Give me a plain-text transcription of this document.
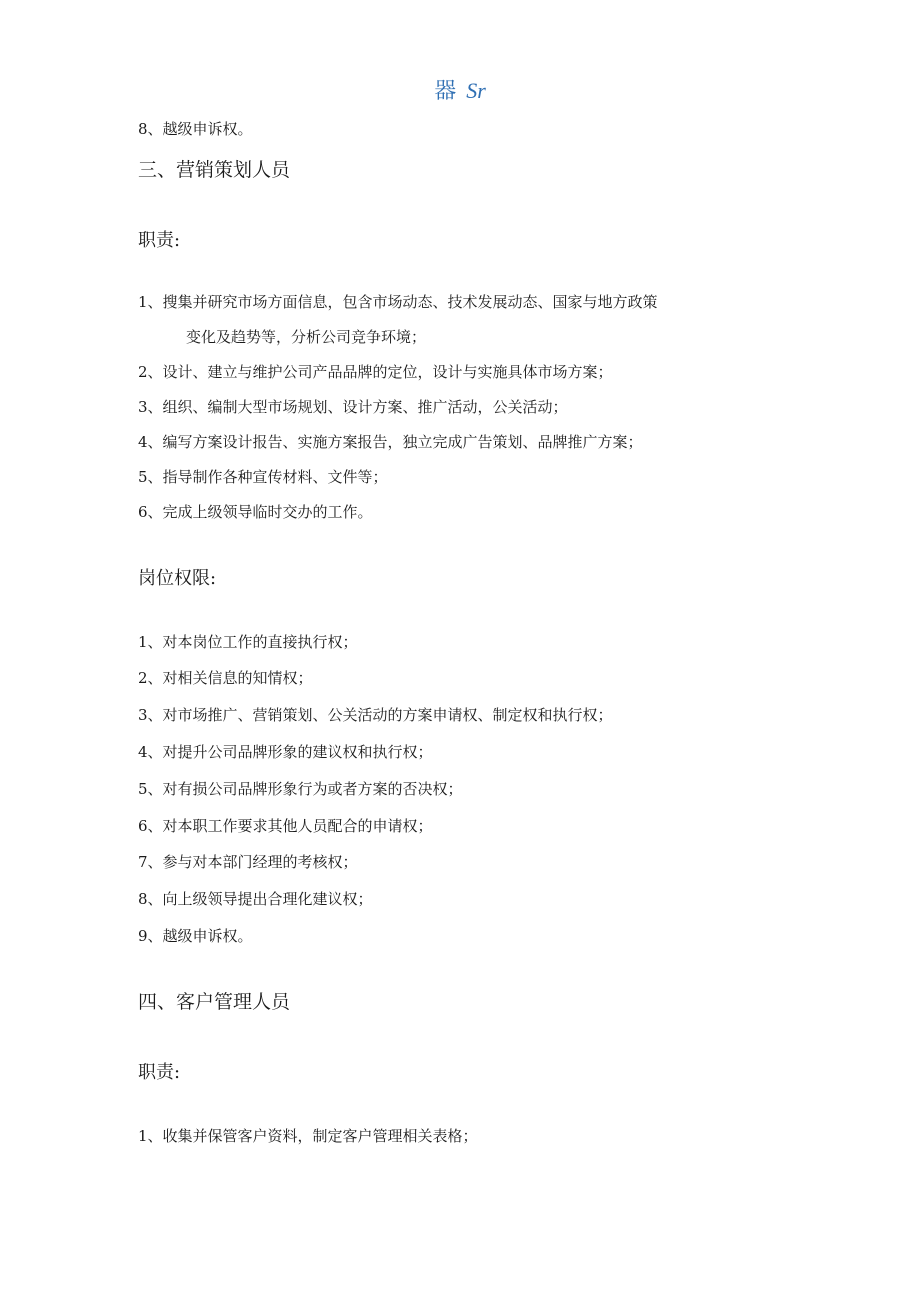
器 Sr
8、越级申诉权。
三、营销策划人员
职责:
1、搜集并研究市场方面信息，包含市场动态、技术发展动态、国家与地方政策
变化及趋势等，分析公司竞争环境；
2、设计、建立与维护公司产品品牌的定位，设计与实施具体市场方案；
3、组织、编制大型市场规划、设计方案、推广活动，公关活动；
4、编写方案设计报告、实施方案报告，独立完成广告策划、品牌推广方案；
5、指导制作各种宣传材料、文件等；
6、完成上级领导临时交办的工作。
岗位权限:
1、对本岗位工作的直接执行权；
2、对相关信息的知情权；
3、对市场推广、营销策划、公关活动的方案申请权、制定权和执行权；
4、对提升公司品牌形象的建议权和执行权；
5、对有损公司品牌形象行为或者方案的否决权；
6、对本职工作要求其他人员配合的申请权；
7、参与对本部门经理的考核权；
8、向上级领导提出合理化建议权；
9、越级申诉权。
四、客户管理人员
职责:
1、收集并保管客户资料，制定客户管理相关表格；
